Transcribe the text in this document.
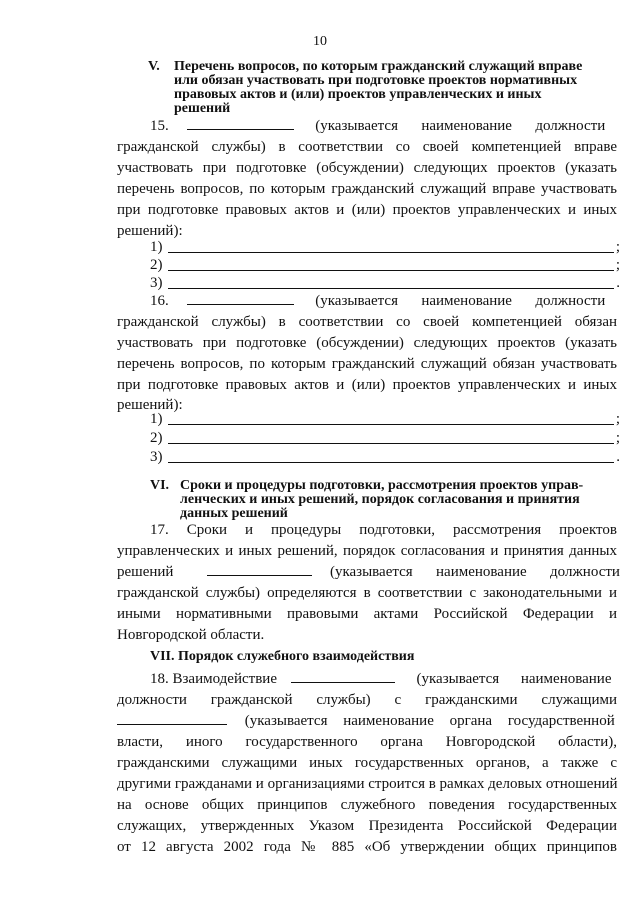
10
V.	Перечень вопросов, по которым гражданский служащий вправе
или обязан участвовать при подготовке проектов нормативных
правовых актов и (или) проектов управленческих и иных
решений
15.	(указывается наименование должности
гражданской службы) в соответствии со своей компетенцией вправе
участвовать при подготовке (обсуждении) следующих проектов (указать
перечень вопросов, по которым гражданский служащий вправе участвовать
при подготовке правовых актов и (или) проектов управленческих и иных
решений):
1)	;
2)	;
3)	.
16.	(указывается наименование должности
гражданской службы) в соответствии со своей компетенцией обязан
участвовать при подготовке (обсуждении) следующих проектов (указать
перечень вопросов, по которым гражданский служащий обязан участвовать
при подготовке правовых актов и (или) проектов управленческих и иных
решений):
1)	;
2)	;
3)	.
VI. Сроки и процедуры подготовки, рассмотрения проектов управ-
ленческих и иных решений, порядок согласования и принятия
данных решений
17. Сроки и процедуры подготовки, рассмотрения проектов
управленческих и иных решений, порядок согласования и принятия данных
решений	(указывается наименование должности
гражданской службы) определяются в соответствии с законодательными и
иными нормативными правовыми актами Российской Федерации и
Новгородской области.
VII. Порядок служебного взаимодействия
18. Взаимодействие	(указывается наименование
должности гражданской службы) с гражданскими служащими
(указывается наименование органа государственной
власти, иного государственного органа Новгородской области),
гражданскими служащими иных государственных органов, а также с
другими гражданами и организациями строится в рамках деловых отношений
на основе общих принципов служебного поведения государственных
служащих, утвержденных Указом Президента Российской Федерации
от 12 августа 2002 года № 885 «Об утверждении общих принципов
